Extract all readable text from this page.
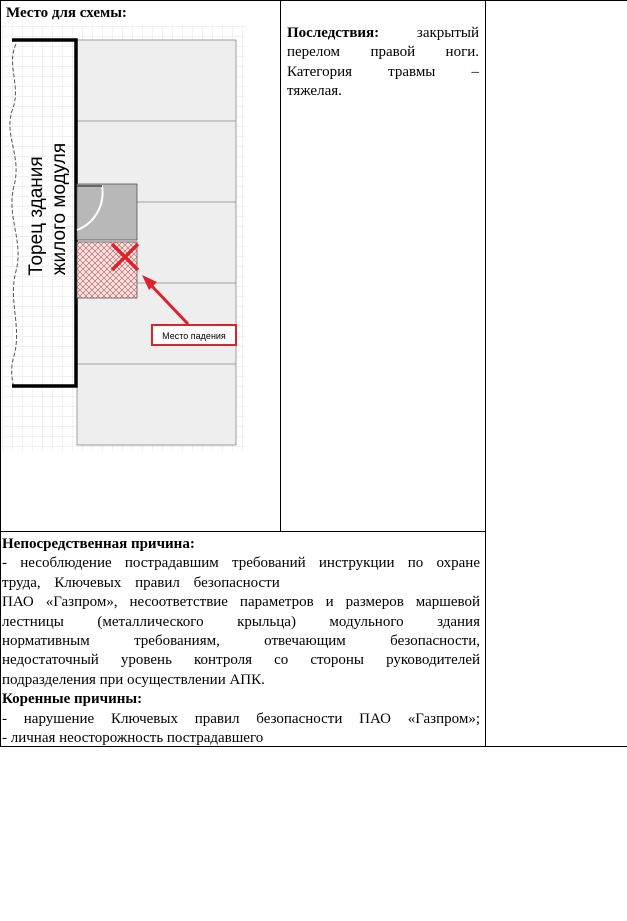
Место для схемы:
Место падения
Торец здания жилого модуля
Последствия:	закрытый
перелом правой ноги.
Категория травмы –
тяжелая.
Непосредственная причина:
- несоблюдение пострадавшим требований инструкции по охране
труда, Ключевых правил безопасности
ПАО «Газпром», несоответствие параметров и размеров маршевой
лестницы (металлического крыльца) модульного здания
нормативным требованиям, отвечающим безопасности,
недостаточный уровень контроля со стороны руководителей
подразделения при осуществлении АПК.
Коренные причины:
- нарушение Ключевых правил безопасности ПАО «Газпром»;
- личная неосторожность пострадавшего
